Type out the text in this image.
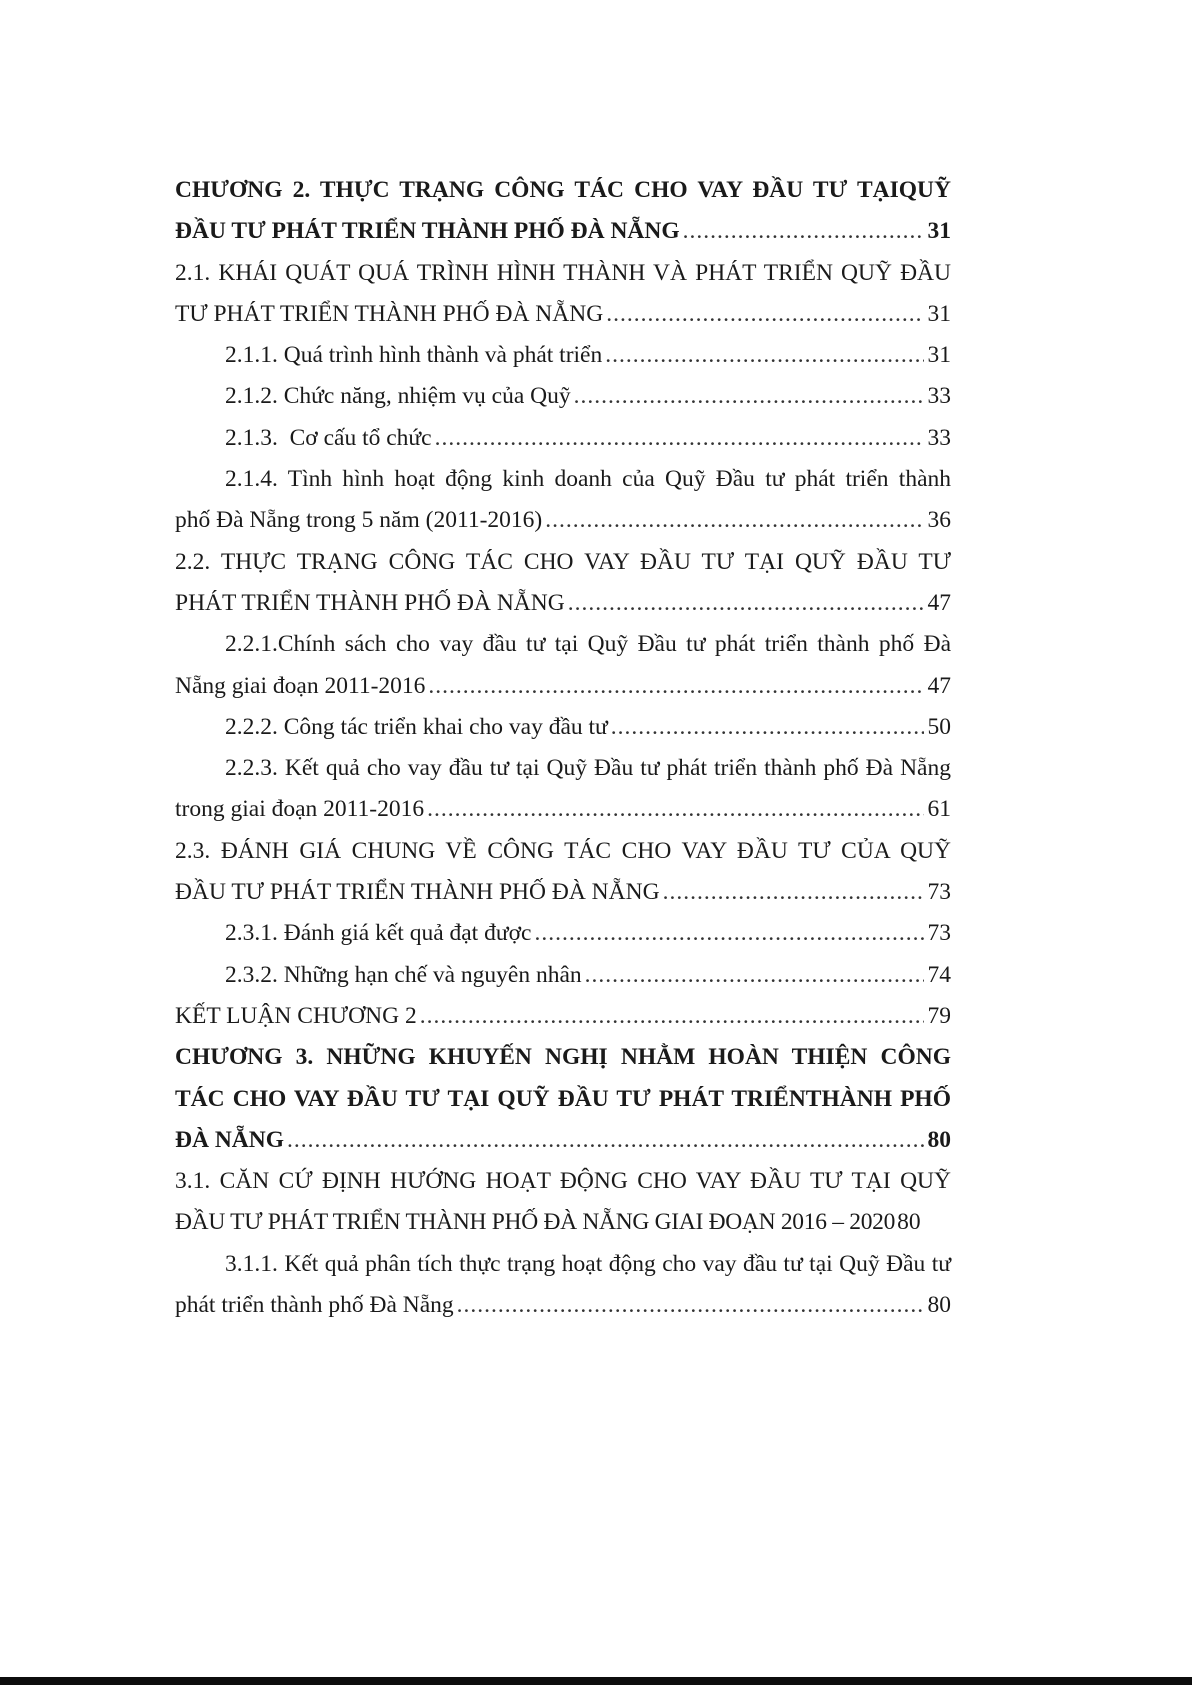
CHƯƠNG 2. THỰC TRẠNG CÔNG TÁC CHO VAY ĐẦU TƯ TẠIQUỸ
ĐẦU TƯ PHÁT TRIỂN THÀNH PHỐ ĐÀ NẴNG .....	31
2.1. KHÁI QUÁT QUÁ TRÌNH HÌNH THÀNH VÀ PHÁT TRIỂN QUỸ ĐẦU
TƯ PHÁT TRIỂN THÀNH PHỐ ĐÀ NẴNG .....	31
2.1.1. Quá trình hình thành và phát triển .....	31
2.1.2. Chức năng, nhiệm vụ của Quỹ .....	33
2.1.3.  Cơ cấu tổ chức .....	33
2.1.4. Tình hình hoạt động kinh doanh của Quỹ Đầu tư phát triển thành
phố Đà Nẵng trong 5 năm (2011-2016) .....	36
2.2. THỰC TRẠNG CÔNG TÁC CHO VAY ĐẦU TƯ TẠI QUỸ ĐẦU TƯ
PHÁT TRIỂN THÀNH PHỐ ĐÀ NẴNG .....	47
2.2.1.Chính sách cho vay đầu tư tại Quỹ Đầu tư phát triển thành phố Đà
Nẵng giai đoạn 2011-2016 .....	47
2.2.2. Công tác triển khai cho vay đầu tư .....	50
2.2.3. Kết quả cho vay đầu tư tại Quỹ Đầu tư phát triển thành phố Đà Nẵng
trong giai đoạn 2011-2016 .....	61
2.3. ĐÁNH GIÁ CHUNG VỀ CÔNG TÁC CHO VAY ĐẦU TƯ CỦA QUỸ
ĐẦU TƯ PHÁT TRIỂN THÀNH PHỐ ĐÀ NẴNG .....	73
2.3.1. Đánh giá kết quả đạt được .....	73
2.3.2. Những hạn chế và nguyên nhân .....	74
KẾT LUẬN CHƯƠNG 2 .....	79
CHƯƠNG 3. NHỮNG KHUYẾN NGHỊ NHẰM HOÀN THIỆN CÔNG
TÁC CHO VAY ĐẦU TƯ TẠI QUỸ ĐẦU TƯ PHÁT TRIỂNTHÀNH PHỐ
ĐÀ NẴNG .....	80
3.1. CĂN CỨ ĐỊNH HƯỚNG HOẠT ĐỘNG CHO VAY ĐẦU TƯ TẠI QUỸ
ĐẦU TƯ PHÁT TRIỂN THÀNH PHỐ ĐÀ NẴNG GIAI ĐOẠN 2016 – 2020 80
3.1.1. Kết quả phân tích thực trạng hoạt động cho vay đầu tư tại Quỹ Đầu tư
phát triển thành phố Đà Nẵng .....	80
